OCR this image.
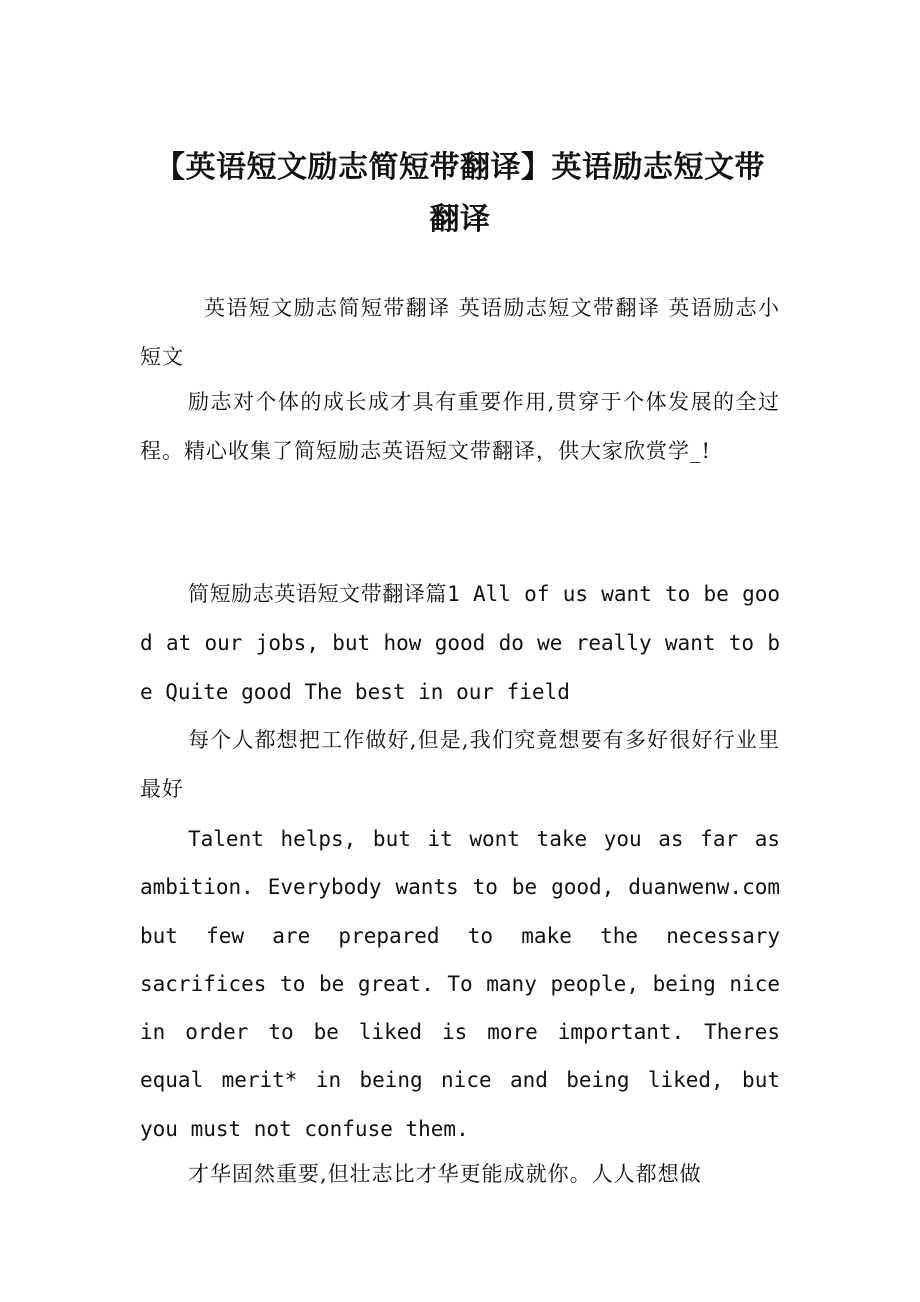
【英语短文励志简短带翻译】英语励志短文带翻译

英语短文励志简短带翻译 英语励志短文带翻译 英语励志小短文

励志对个体的成长成才具有重要作用,贯穿于个体发展的全过程。精心收集了简短励志英语短文带翻译，供大家欣赏学_!

简短励志英语短文带翻译篇1 All of us want to be good at our jobs, but how good do we really want to be Quite good The best in our field

每个人都想把工作做好,但是,我们究竟想要有多好很好行业里最好

Talent helps, but it wont take you as far as ambition. Everybody wants to be good, duanwenw.com but few are prepared to make the necessary sacrifices to be great. To many people, being nice in order to be liked is more important. Theres equal merit* in being nice and being liked, but you must not confuse them.

才华固然重要,但壮志比才华更能成就你。人人都想做
